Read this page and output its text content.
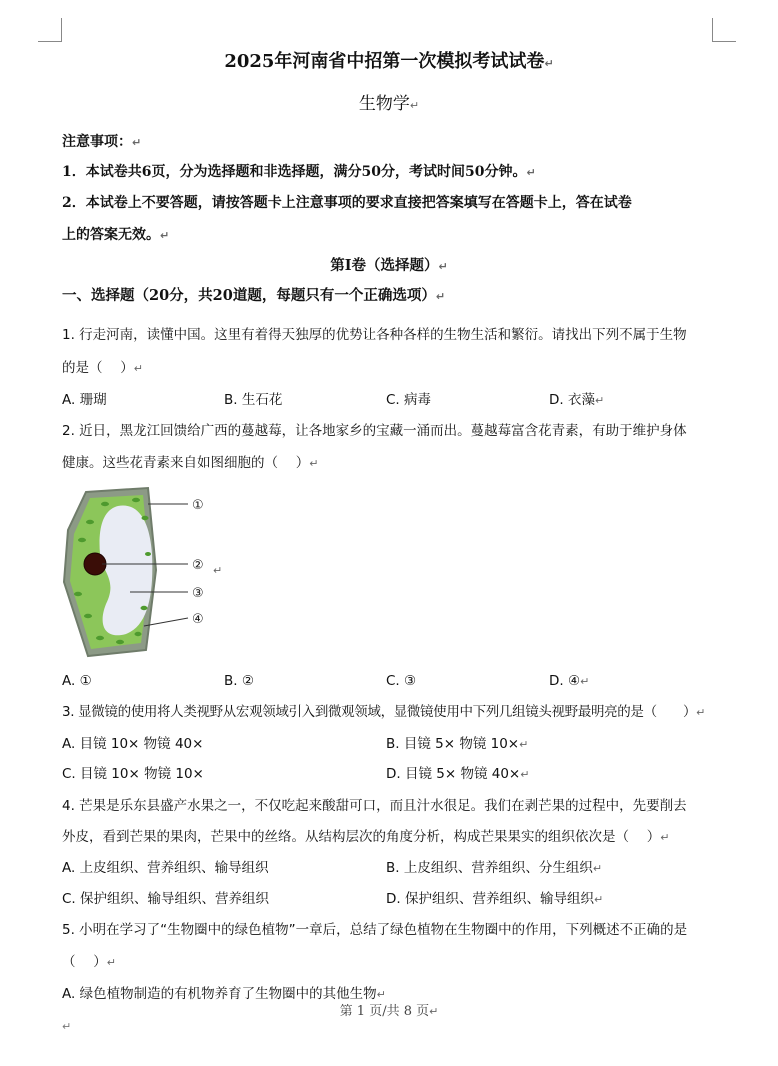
2025年河南省中招第一次模拟考试试卷↵
生物学↵
注意事项：↵
1．本试卷共6页，分为选择题和非选择题，满分50分，考试时间50分钟。↵
2．本试卷上不要答题，请按答题卡上注意事项的要求直接把答案填写在答题卡上，答在试卷
上的答案无效。↵
第Ⅰ卷（选择题）↵
一、选择题（20分，共20道题，每题只有一个正确选项）↵
1. 行走河南，读懂中国。这里有着得天独厚的优势让各种各样的生物生活和繁衍。请找出下列不属于生物
的是（　 ）↵
A. 珊瑚	B. 生石花	C. 病毒	D. 衣藻↵
2. 近日，黑龙江回馈给广西的蔓越莓，让各地家乡的宝藏一涌而出。蔓越莓富含花青素，有助于维护身体
健康。这些花青素来自如图细胞的（　 ）↵
①
②
③
④
↵
A. ①	B. ②	C. ③	D. ④↵
3. 显微镜的使用将人类视野从宏观领域引入到微观领域，显微镜使用中下列几组镜头视野最明亮的是（　　）↵
A. 目镜 10× 物镜 40×	B. 目镜 5× 物镜 10×↵
C. 目镜 10× 物镜 10×	D. 目镜 5× 物镜 40×↵
4. 芒果是乐东县盛产水果之一，不仅吃起来酸甜可口，而且汁水很足。我们在剥芒果的过程中，先要削去
外皮，看到芒果的果肉，芒果中的丝络。从结构层次的角度分析，构成芒果果实的组织依次是（　 ）↵
A. 上皮组织、营养组织、输导组织	B. 上皮组织、营养组织、分生组织↵
C. 保护组织、输导组织、营养组织	D. 保护组织、营养组织、输导组织↵
5. 小明在学习了“生物圈中的绿色植物”一章后，总结了绿色植物在生物圈中的作用，下列概述不正确的是
（　 ）↵
A. 绿色植物制造的有机物养育了生物圈中的其他生物↵
第 1 页/共 8 页↵
↵
